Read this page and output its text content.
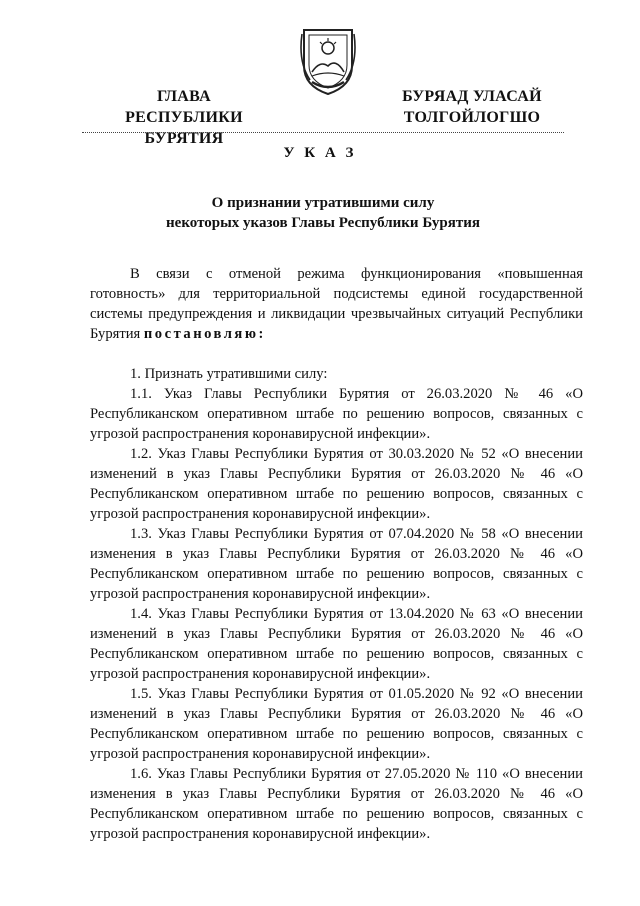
ГЛАВА
РЕСПУБЛИКИ БУРЯТИЯ
БУРЯАД УЛАСАЙ
ТОЛГОЙЛОГШО
У К А З
О признании утратившими силу
некоторых указов Главы Республики Бурятия

В связи с отменой режима функционирования «повышенная готовность» для территориальной подсистемы единой государственной системы предупреждения и ликвидации чрезвычайных ситуаций Республики Бурятия постановляю:

1. Признать утратившими силу:

1.1. Указ Главы Республики Бурятия от 26.03.2020 № 46 «О Республиканском оперативном штабе по решению вопросов, связанных с угрозой распространения коронавирусной инфекции».

1.2. Указ Главы Республики Бурятия от 30.03.2020 № 52 «О внесении изменений в указ Главы Республики Бурятия от 26.03.2020 № 46 «О Республиканском оперативном штабе по решению вопросов, связанных с угрозой распространения коронавирусной инфекции».

1.3. Указ Главы Республики Бурятия от 07.04.2020 № 58 «О внесении изменения в указ Главы Республики Бурятия от 26.03.2020 № 46 «О Республиканском оперативном штабе по решению вопросов, связанных с угрозой распространения коронавирусной инфекции».

1.4. Указ Главы Республики Бурятия от 13.04.2020 № 63 «О внесении изменений в указ Главы Республики Бурятия от 26.03.2020 № 46 «О Республиканском оперативном штабе по решению вопросов, связанных с угрозой распространения коронавирусной инфекции».

1.5. Указ Главы Республики Бурятия от 01.05.2020 № 92 «О внесении изменений в указ Главы Республики Бурятия от 26.03.2020 № 46 «О Республиканском оперативном штабе по решению вопросов, связанных с угрозой распространения коронавирусной инфекции».

1.6. Указ Главы Республики Бурятия от 27.05.2020 № 110 «О внесении изменения в указ Главы Республики Бурятия от 26.03.2020 № 46 «О Республиканском оперативном штабе по решению вопросов, связанных с угрозой распространения коронавирусной инфекции».
